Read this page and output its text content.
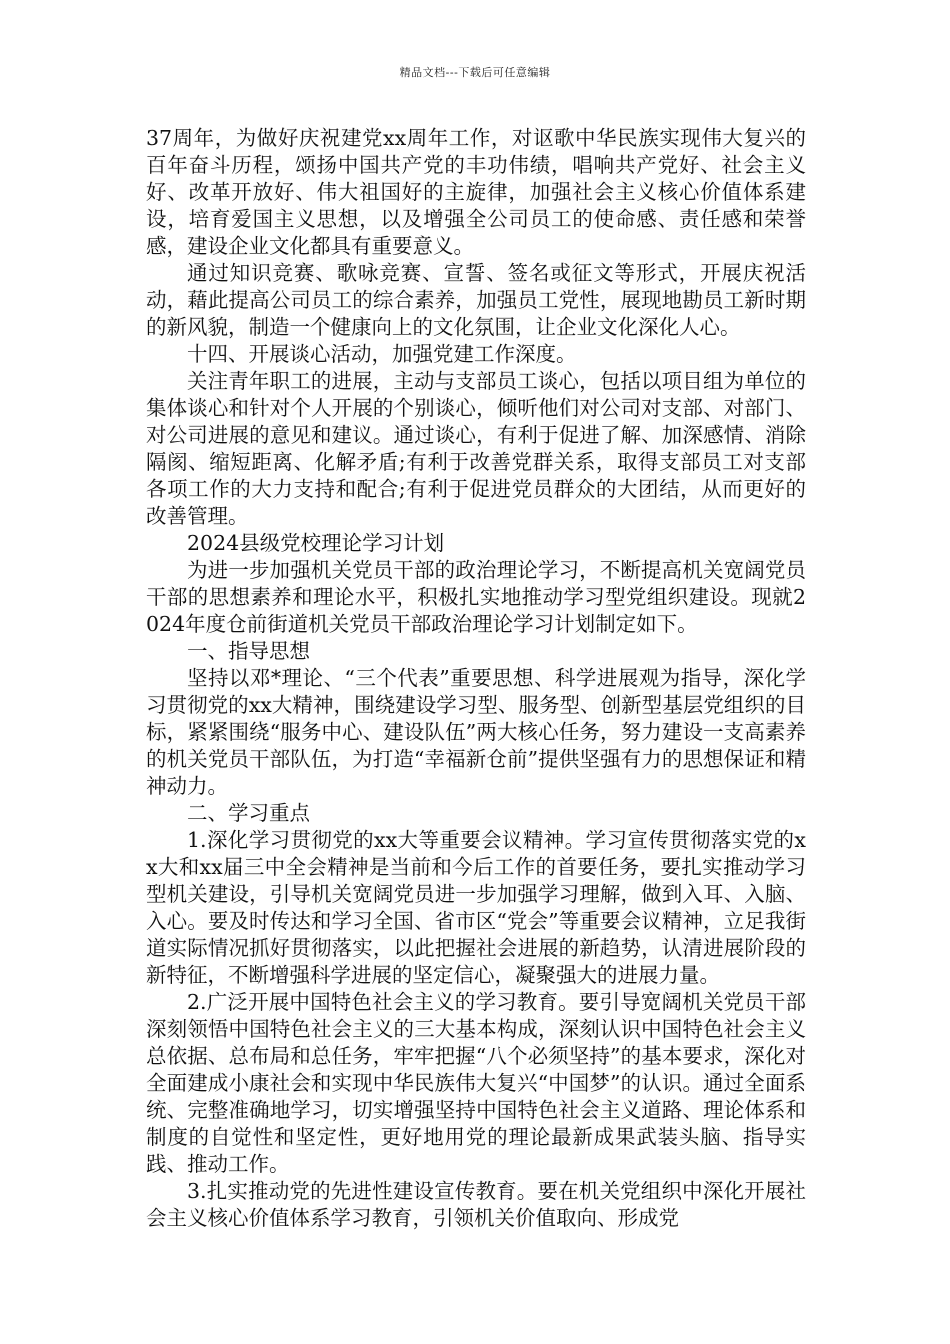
精品文档---下载后可任意编辑

37周年，为做好庆祝建党xx周年工作，对讴歌中华民族实现伟大复兴的百年奋斗历程，颂扬中国共产党的丰功伟绩，唱响共产党好、社会主义好、改革开放好、伟大祖国好的主旋律，加强社会主义核心价值体系建设，培育爱国主义思想，以及增强全公司员工的使命感、责任感和荣誉感，建设企业文化都具有重要意义。

通过知识竞赛、歌咏竞赛、宣誓、签名或征文等形式，开展庆祝活动，藉此提高公司员工的综合素养，加强员工党性，展现地勘员工新时期的新风貌，制造一个健康向上的文化氛围，让企业文化深化人心。

十四、开展谈心活动，加强党建工作深度。

关注青年职工的进展，主动与支部员工谈心，包括以项目组为单位的集体谈心和针对个人开展的个别谈心，倾听他们对公司对支部、对部门、对公司进展的意见和建议。通过谈心，有利于促进了解、加深感情、消除隔阂、缩短距离、化解矛盾;有利于改善党群关系，取得支部员工对支部各项工作的大力支持和配合;有利于促进党员群众的大团结，从而更好的改善管理。

2024县级党校理论学习计划

为进一步加强机关党员干部的政治理论学习，不断提高机关宽阔党员干部的思想素养和理论水平，积极扎实地推动学习型党组织建设。现就2024年度仓前街道机关党员干部政治理论学习计划制定如下。

一、指导思想

坚持以邓*理论、“三个代表”重要思想、科学进展观为指导，深化学习贯彻党的xx大精神，围绕建设学习型、服务型、创新型基层党组织的目标，紧紧围绕“服务中心、建设队伍”两大核心任务，努力建设一支高素养的机关党员干部队伍，为打造“幸福新仓前”提供坚强有力的思想保证和精神动力。

二、学习重点

1.深化学习贯彻党的xx大等重要会议精神。学习宣传贯彻落实党的xx大和xx届三中全会精神是当前和今后工作的首要任务，要扎实推动学习型机关建设，引导机关宽阔党员进一步加强学习理解，做到入耳、入脑、入心。要及时传达和学习全国、省市区“党会”等重要会议精神，立足我街道实际情况抓好贯彻落实，以此把握社会进展的新趋势，认清进展阶段的新特征，不断增强科学进展的坚定信心，凝聚强大的进展力量。

2.广泛开展中国特色社会主义的学习教育。要引导宽阔机关党员干部深刻领悟中国特色社会主义的三大基本构成，深刻认识中国特色社会主义总依据、总布局和总任务，牢牢把握“八个必须坚持”的基本要求，深化对全面建成小康社会和实现中华民族伟大复兴“中国梦”的认识。通过全面系统、完整准确地学习，切实增强坚持中国特色社会主义道路、理论体系和制度的自觉性和坚定性，更好地用党的理论最新成果武装头脑、指导实践、推动工作。

3.扎实推动党的先进性建设宣传教育。要在机关党组织中深化开展社会主义核心价值体系学习教育，引领机关价值取向、形成党
